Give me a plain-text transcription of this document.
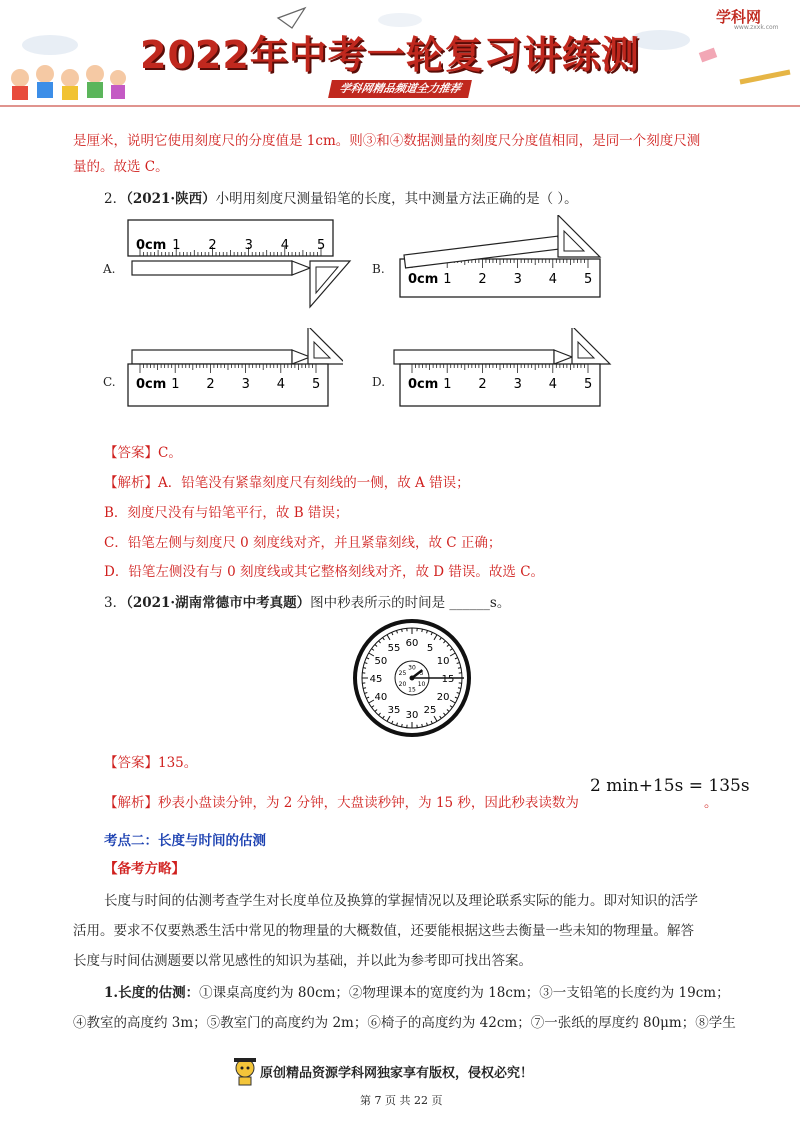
2022年中考一轮复习讲练测
学科网精品频道全力推荐
学科网
www.zxxk.com
是厘米，说明它使用刻度尺的分度值是 1cm。则③和④数据测量的刻度尺分度值相同，是同一个刻度尺测
量的。故选 C。
2．（2021·陕西）小明用刻度尺测量铅笔的长度，其中测量方法正确的是（ ）。
A.	B.
C.	D.
0cm 1 2 3 4 5
0cm 1 2 3 4 5
0cm 1 2 3 4 5	0cm 1 2 3 4 5
【答案】C。
【解析】A．铅笔没有紧靠刻度尺有刻线的一侧，故 A 错误；
B．刻度尺没有与铅笔平行，故 B 错误；
C．铅笔左侧与刻度尺 0 刻度线对齐，并且紧靠刻线，故 C 正确；
D．铅笔左侧没有与 0 刻度线或其它整格刻线对齐，故 D 错误。故选 C。
3．（2021·湖南常德市中考真题）图中秒表所示的时间是 ______s。
60 5
10
15
20
25
30
35
40
45
50
55
30
5
10
15
20
25
【答案】135。
【解析】秒表小盘读分钟，为 2 分钟，大盘读秒钟，为 15 秒，因此秒表读数为
2 min+15s = 135s
。
考点二：长度与时间的估测
【备考方略】
长度与时间的估测考查学生对长度单位及换算的掌握情况以及理论联系实际的能力。即对知识的活学
活用。要求不仅要熟悉生活中常见的物理量的大概数值，还要能根据这些去衡量一些未知的物理量。解答
长度与时间估测题要以常见感性的知识为基础，并以此为参考即可找出答案。
1.长度的估测：①课桌高度约为 80cm；②物理课本的宽度约为 18cm；③一支铅笔的长度约为 19cm；
④教室的高度约 3m；⑤教室门的高度约为 2m；⑥椅子的高度约为 42cm；⑦一张纸的厚度约 80μm；⑧学生
原创精品资源学科网独家享有版权，侵权必究！
第 7 页 共 22 页
